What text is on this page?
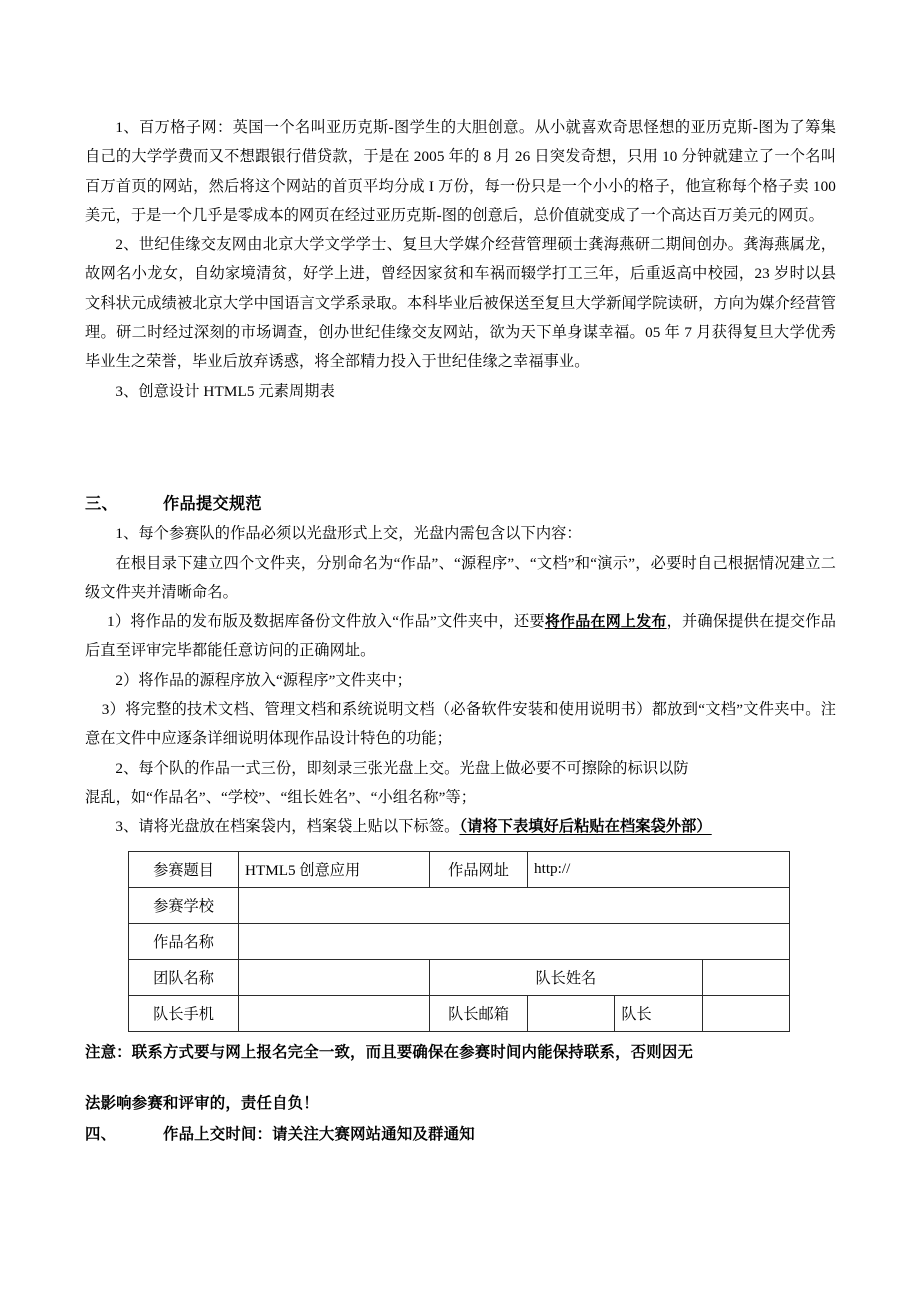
1、百万格子网：英国一个名叫亚历克斯-图学生的大胆创意。从小就喜欢奇思怪想的亚历克斯-图为了筹集自己的大学学费而又不想跟银行借贷款，于是在 2005 年的 8 月 26 日突发奇想，只用 10 分钟就建立了一个名叫百万首页的网站，然后将这个网站的首页平均分成 I 万份，每一份只是一个小小的格子，他宣称每个格子卖 100 美元，于是一个几乎是零成本的网页在经过亚历克斯-图的创意后，总价值就变成了一个高达百万美元的网页。

2、世纪佳缘交友网由北京大学文学学士、复旦大学媒介经营管理硕士龚海燕研二期间创办。龚海燕属龙，故网名小龙女，自幼家境清贫，好学上进，曾经因家贫和车祸而辍学打工三年，后重返高中校园，23 岁时以县文科状元成绩被北京大学中国语言文学系录取。本科毕业后被保送至复旦大学新闻学院读研，方向为媒介经营管理。研二时经过深刻的市场调查，创办世纪佳缘交友网站，欲为天下单身谋幸福。05 年 7 月获得复旦大学优秀毕业生之荣誉，毕业后放弃诱惑，将全部精力投入于世纪佳缘之幸福事业。

3、创意设计 HTML5 元素周期表

三、	作品提交规范

1、每个参赛队的作品必须以光盘形式上交，光盘内需包含以下内容：

在根目录下建立四个文件夹，分别命名为“作品”、“源程序”、“文档”和“演示”，必要时自己根据情况建立二级文件夹并清晰命名。

1）将作品的发布版及数据库备份文件放入“作品”文件夹中，还要将作品在网上发布，并确保提供在提交作品后直至评审完毕都能任意访问的正确网址。

2）将作品的源程序放入“源程序”文件夹中；

3）将完整的技术文档、管理文档和系统说明文档（必备软件安装和使用说明书）都放到“文档”文件夹中。注意在文件中应逐条详细说明体现作品设计特色的功能；

2、每个队的作品一式三份，即刻录三张光盘上交。光盘上做必要不可擦除的标识以防

混乱，如“作品名”、“学校”、“组长姓名”、“小组名称”等；

3、请将光盘放在档案袋内，档案袋上贴以下标签。（请将下表填好后粘贴在档案袋外部）

参赛题目	HTML5 创意应用	作品网址	http://		
参赛学校					
作品名称					
团队名称		队长姓名			
队长手机		队长邮箱		队长	
注意：联系方式要与网上报名完全一致，而且要确保在参赛时间内能保持联系，否则因无
法影响参赛和评审的，责任自负！
四、	作品上交时间：请关注大赛网站通知及群通知
